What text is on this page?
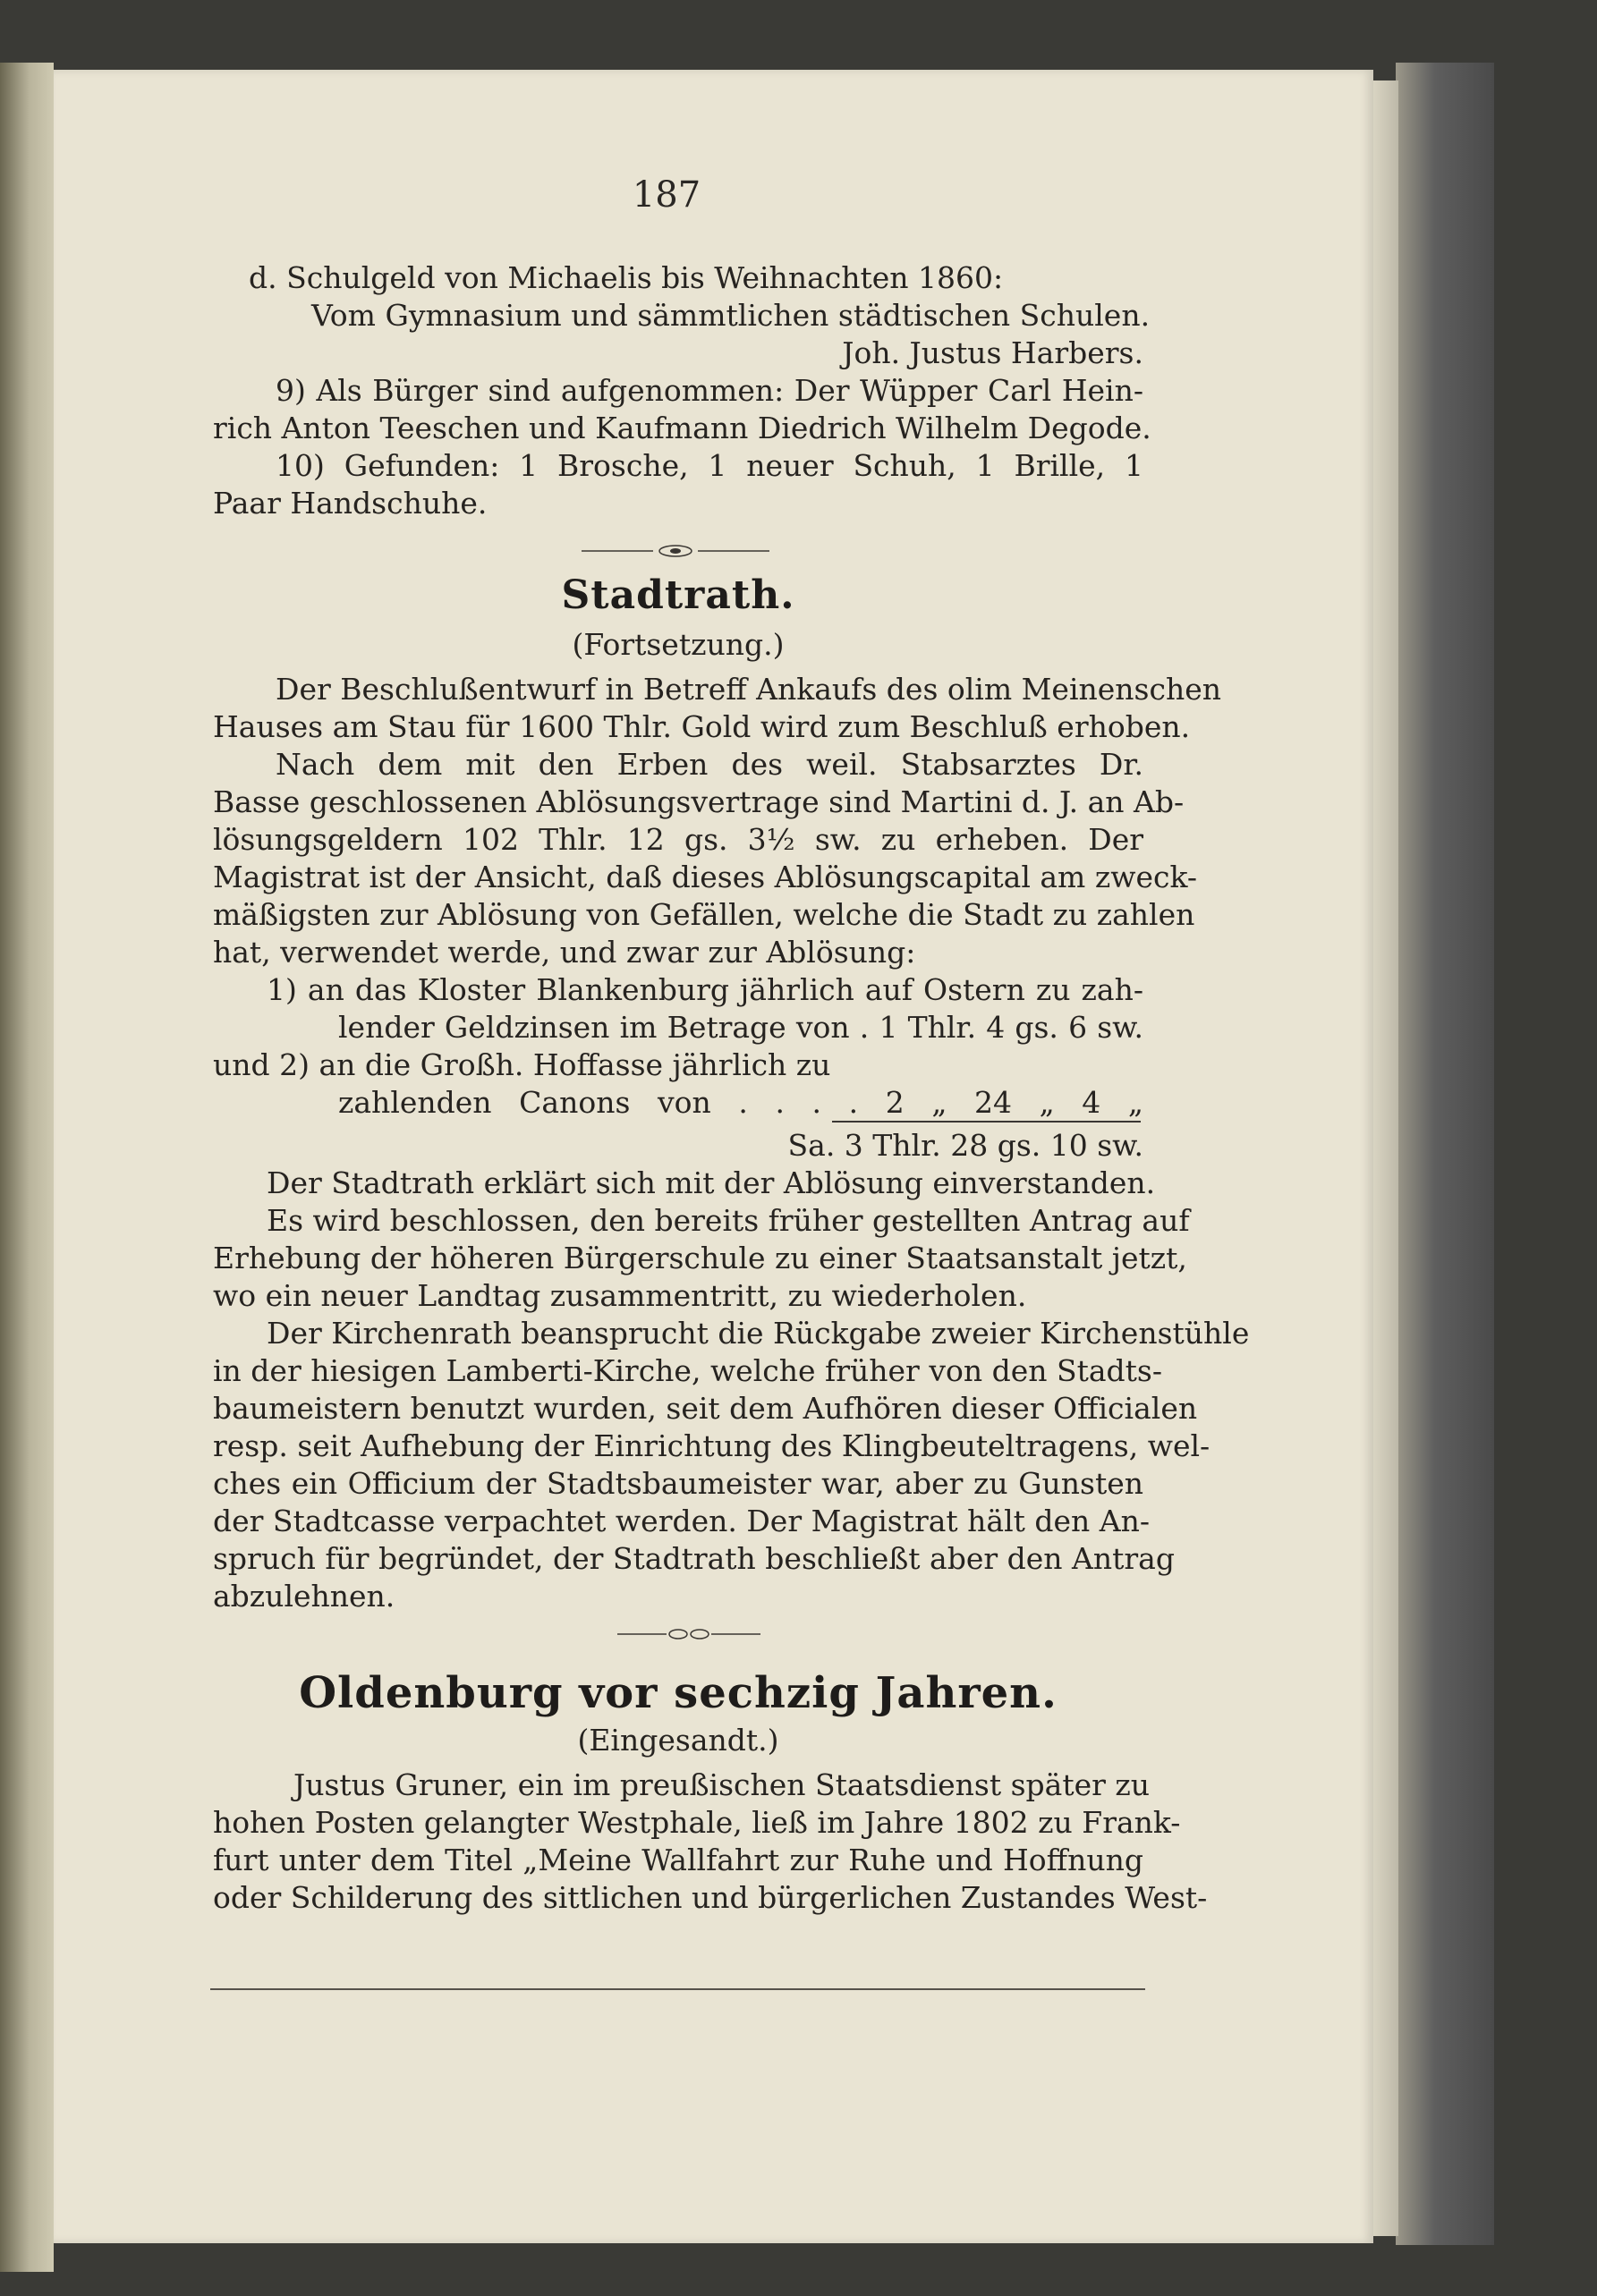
187
d. Schulgeld von Michaelis bis Weihnachten 1860:
Vom Gymnasium und sämmtlichen städtischen Schulen.
Joh. Justus Harbers.
9) Als Bürger sind aufgenommen: Der Wüpper Carl Hein-
rich Anton Teeschen und Kaufmann Diedrich Wilhelm Degode.
10) Gefunden: 1 Brosche, 1 neuer Schuh, 1 Brille, 1
Paar Handschuhe.
Stadtrath.
(Fortsetzung.)
Der Beschlußentwurf in Betreff Ankaufs des olim Meinenschen
Hauses am Stau für 1600 Thlr. Gold wird zum Beschluß erhoben.
Nach dem mit den Erben des weil. Stabsarztes Dr.
Basse geschlossenen Ablösungsvertrage sind Martini d. J. an Ab-
lösungsgeldern 102 Thlr. 12 gs. 3½ sw. zu erheben. Der
Magistrat ist der Ansicht, daß dieses Ablösungscapital am zweck-
mäßigsten zur Ablösung von Gefällen, welche die Stadt zu zahlen
hat, verwendet werde, und zwar zur Ablösung:
1) an das Kloster Blankenburg jährlich auf Ostern zu zah-
lender Geldzinsen im Betrage von . 1 Thlr. 4 gs. 6 sw.
und 2) an die Großh. Hoffasse jährlich zu
zahlenden Canons von . . . . 2 „ 24 „ 4 „
Sa. 3 Thlr. 28 gs. 10 sw.
Der Stadtrath erklärt sich mit der Ablösung einverstanden.
Es wird beschlossen, den bereits früher gestellten Antrag auf
Erhebung der höheren Bürgerschule zu einer Staatsanstalt jetzt,
wo ein neuer Landtag zusammentritt, zu wiederholen.
Der Kirchenrath beansprucht die Rückgabe zweier Kirchenstühle
in der hiesigen Lamberti-Kirche, welche früher von den Stadts-
baumeistern benutzt wurden, seit dem Aufhören dieser Officialen
resp. seit Aufhebung der Einrichtung des Klingbeuteltragens, wel-
ches ein Officium der Stadtsbaumeister war, aber zu Gunsten
der Stadtcasse verpachtet werden. Der Magistrat hält den An-
spruch für begründet, der Stadtrath beschließt aber den Antrag
abzulehnen.
Oldenburg vor sechzig Jahren.
(Eingesandt.)
Justus Gruner, ein im preußischen Staatsdienst später zu
hohen Posten gelangter Westphale, ließ im Jahre 1802 zu Frank-
furt unter dem Titel „Meine Wallfahrt zur Ruhe und Hoffnung
oder Schilderung des sittlichen und bürgerlichen Zustandes West-
